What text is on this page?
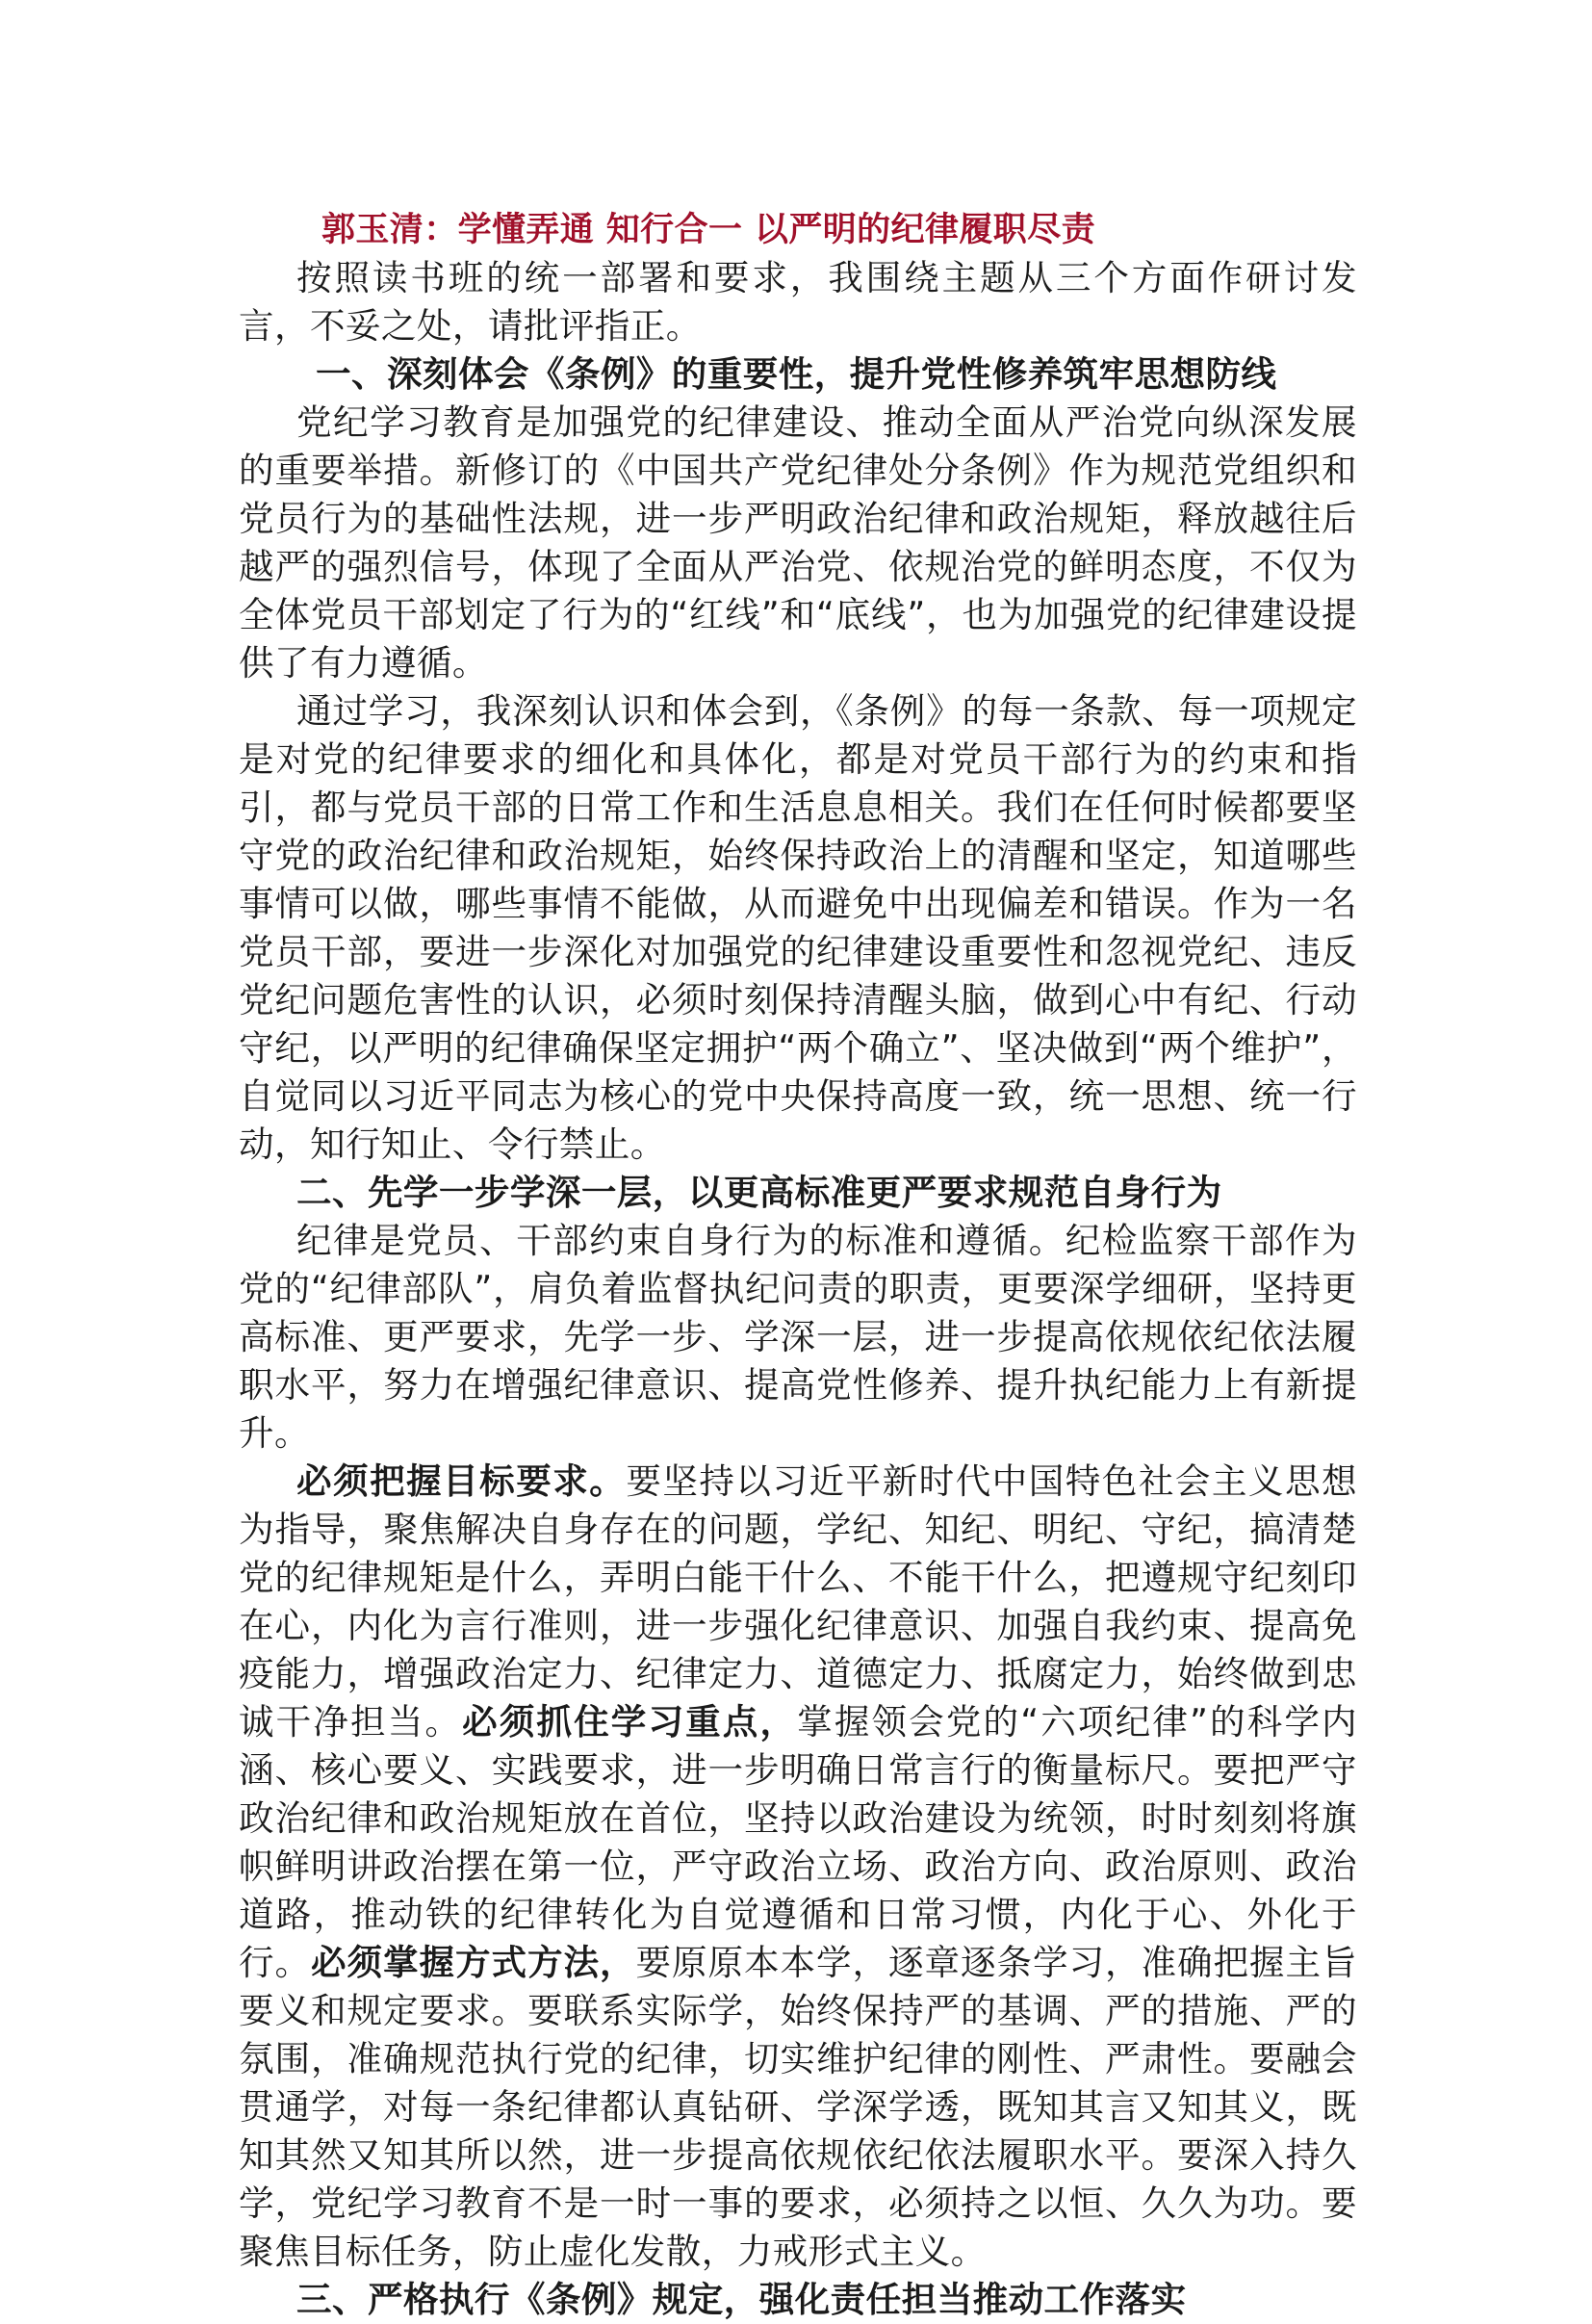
郭玉清：学懂弄通 知行合一 以严明的纪律履职尽责

按照读书班的统一部署和要求，我围绕主题从三个方面作研讨发言，不妥之处，请批评指正。

一、深刻体会《条例》的重要性，提升党性修养筑牢思想防线

党纪学习教育是加强党的纪律建设、推动全面从严治党向纵深发展的重要举措。新修订的《中国共产党纪律处分条例》作为规范党组织和党员行为的基础性法规，进一步严明政治纪律和政治规矩，释放越往后越严的强烈信号，体现了全面从严治党、依规治党的鲜明态度，不仅为全体党员干部划定了行为的“红线”和“底线”，也为加强党的纪律建设提供了有力遵循。

通过学习，我深刻认识和体会到，《条例》的每一条款、每一项规定是对党的纪律要求的细化和具体化，都是对党员干部行为的约束和指引，都与党员干部的日常工作和生活息息相关。我们在任何时候都要坚守党的政治纪律和政治规矩，始终保持政治上的清醒和坚定，知道哪些事情可以做，哪些事情不能做，从而避免中出现偏差和错误。作为一名党员干部，要进一步深化对加强党的纪律建设重要性和忽视党纪、违反党纪问题危害性的认识，必须时刻保持清醒头脑，做到心中有纪、行动守纪，以严明的纪律确保坚定拥护“两个确立”、坚决做到“两个维护”，自觉同以习近平同志为核心的党中央保持高度一致，统一思想、统一行动，知行知止、令行禁止。

二、先学一步学深一层，以更高标准更严要求规范自身行为

纪律是党员、干部约束自身行为的标准和遵循。纪检监察干部作为党的“纪律部队”，肩负着监督执纪问责的职责，更要深学细研，坚持更高标准、更严要求，先学一步、学深一层，进一步提高依规依纪依法履职水平，努力在增强纪律意识、提高党性修养、提升执纪能力上有新提升。

必须把握目标要求。要坚持以习近平新时代中国特色社会主义思想为指导，聚焦解决自身存在的问题，学纪、知纪、明纪、守纪，搞清楚党的纪律规矩是什么，弄明白能干什么、不能干什么，把遵规守纪刻印在心，内化为言行准则，进一步强化纪律意识、加强自我约束、提高免疫能力，增强政治定力、纪律定力、道德定力、抵腐定力，始终做到忠诚干净担当。必须抓住学习重点，掌握领会党的“六项纪律”的科学内涵、核心要义、实践要求，进一步明确日常言行的衡量标尺。要把严守政治纪律和政治规矩放在首位，坚持以政治建设为统领，时时刻刻将旗帜鲜明讲政治摆在第一位，严守政治立场、政治方向、政治原则、政治道路，推动铁的纪律转化为自觉遵循和日常习惯，内化于心、外化于行。必须掌握方式方法，要原原本本学，逐章逐条学习，准确把握主旨要义和规定要求。要联系实际学，始终保持严的基调、严的措施、严的氛围，准确规范执行党的纪律，切实维护纪律的刚性、严肃性。要融会贯通学，对每一条纪律都认真钻研、学深学透，既知其言又知其义，既知其然又知其所以然，进一步提高依规依纪依法履职水平。要深入持久学，党纪学习教育不是一时一事的要求，必须持之以恒、久久为功。要聚焦目标任务，防止虚化发散，力戒形式主义。

三、严格执行《条例》规定，强化责任担当推动工作落实
